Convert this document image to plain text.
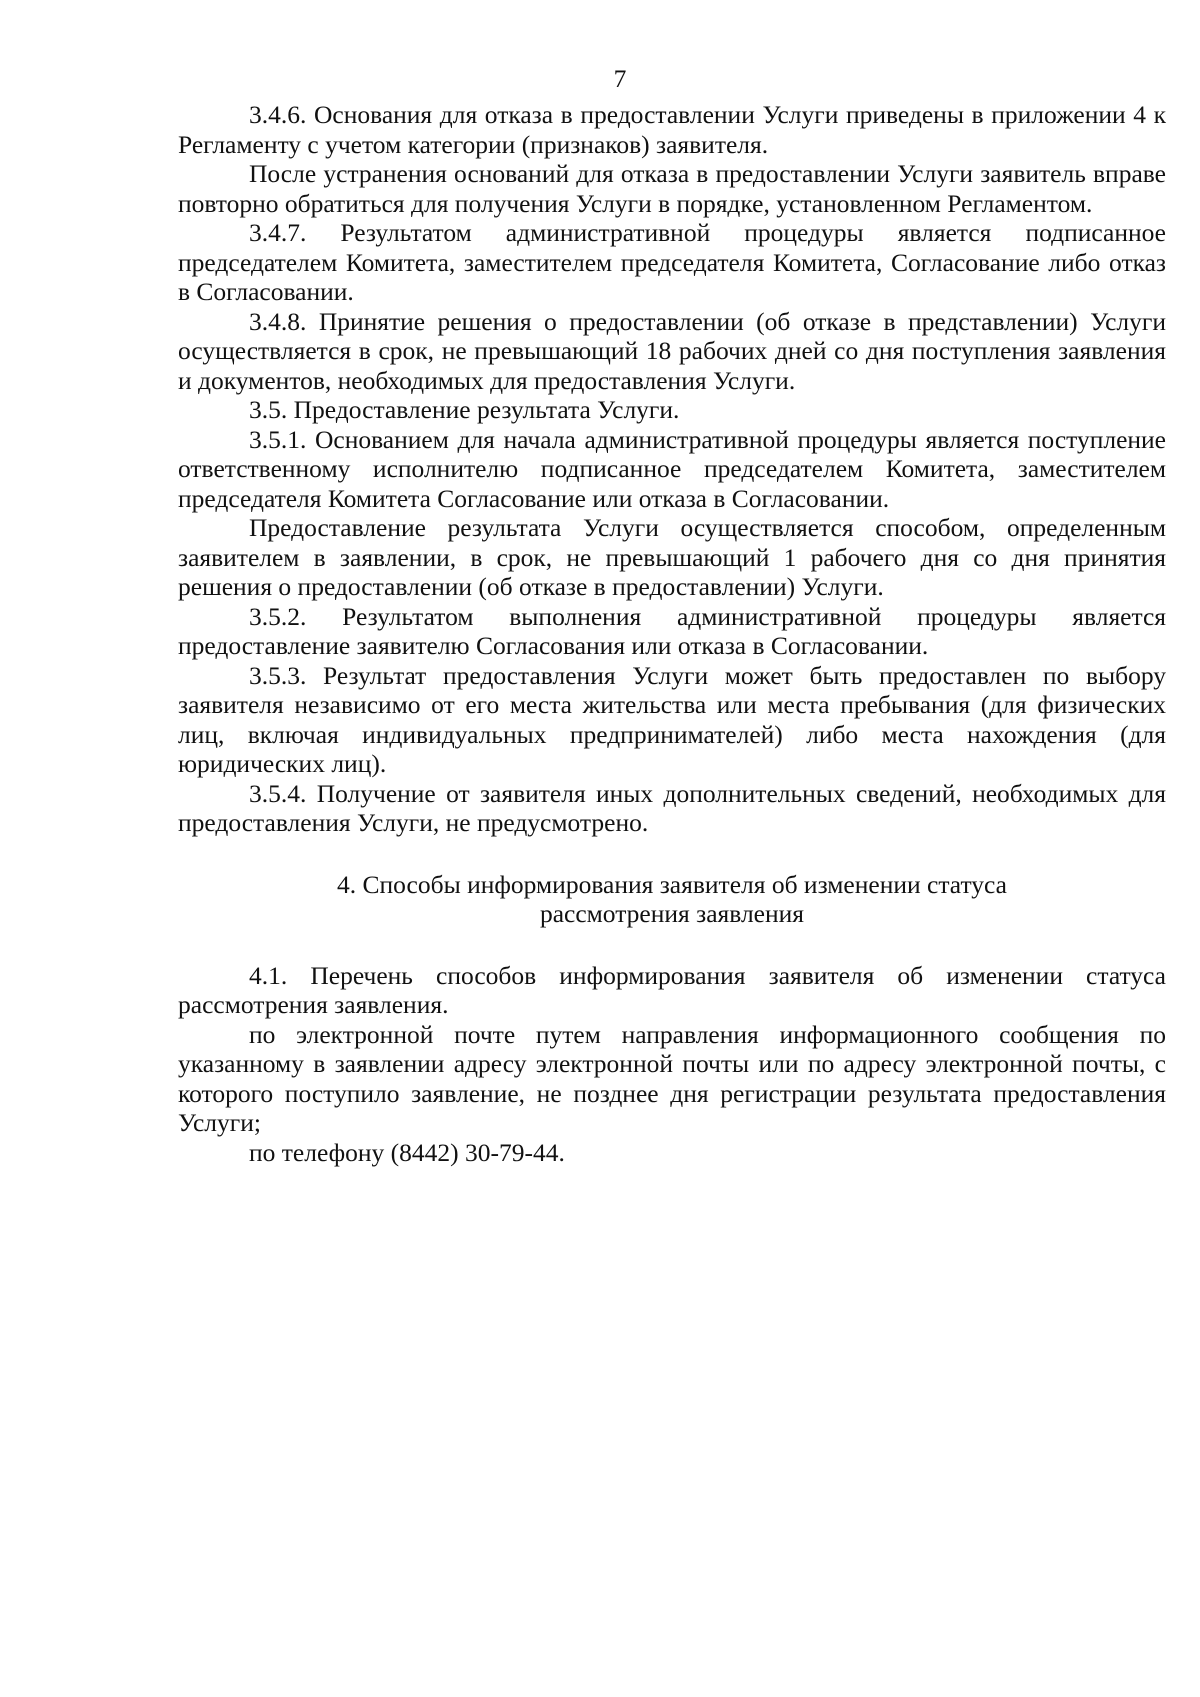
7

3.4.6. Основания для отказа в предоставлении Услуги приведены в приложении 4 к Регламенту с учетом категории (признаков) заявителя.

После устранения оснований для отказа в предоставлении Услуги заявитель вправе повторно обратиться для получения Услуги в порядке, установленном Регламентом.

3.4.7. Результатом административной процедуры является подписанное председателем Комитета, заместителем председателя Комитета, Согласование либо отказ в Согласовании.

3.4.8. Принятие решения о предоставлении (об отказе в представлении) Услуги осуществляется в срок, не превышающий 18 рабочих дней со дня поступления заявления и документов, необходимых для предоставления Услуги.

3.5. Предоставление результата Услуги.

3.5.1. Основанием для начала административной процедуры является поступление ответственному исполнителю подписанное председателем Комитета, заместителем председателя Комитета Согласование или отказа в Согласовании.

Предоставление результата Услуги осуществляется способом, определенным заявителем в заявлении, в срок, не превышающий 1 рабочего дня со дня принятия решения о предоставлении (об отказе в предоставлении) Услуги.

3.5.2. Результатом выполнения административной процедуры является предоставление заявителю Согласования или отказа в Согласовании.

3.5.3. Результат предоставления Услуги может быть предоставлен по выбору заявителя независимо от его места жительства или места пребывания (для физических лиц, включая индивидуальных предпринимателей) либо места нахождения (для юридических лиц).

3.5.4. Получение от заявителя иных дополнительных сведений, необходимых для предоставления Услуги, не предусмотрено.

4. Способы информирования заявителя об изменении статуса рассмотрения заявления

4.1. Перечень способов информирования заявителя об изменении статуса рассмотрения заявления.

по электронной почте путем направления информационного сообщения по указанному в заявлении адресу электронной почты или по адресу электронной почты, с которого поступило заявление, не позднее дня регистрации результата предоставления Услуги;

по телефону (8442) 30-79-44.
